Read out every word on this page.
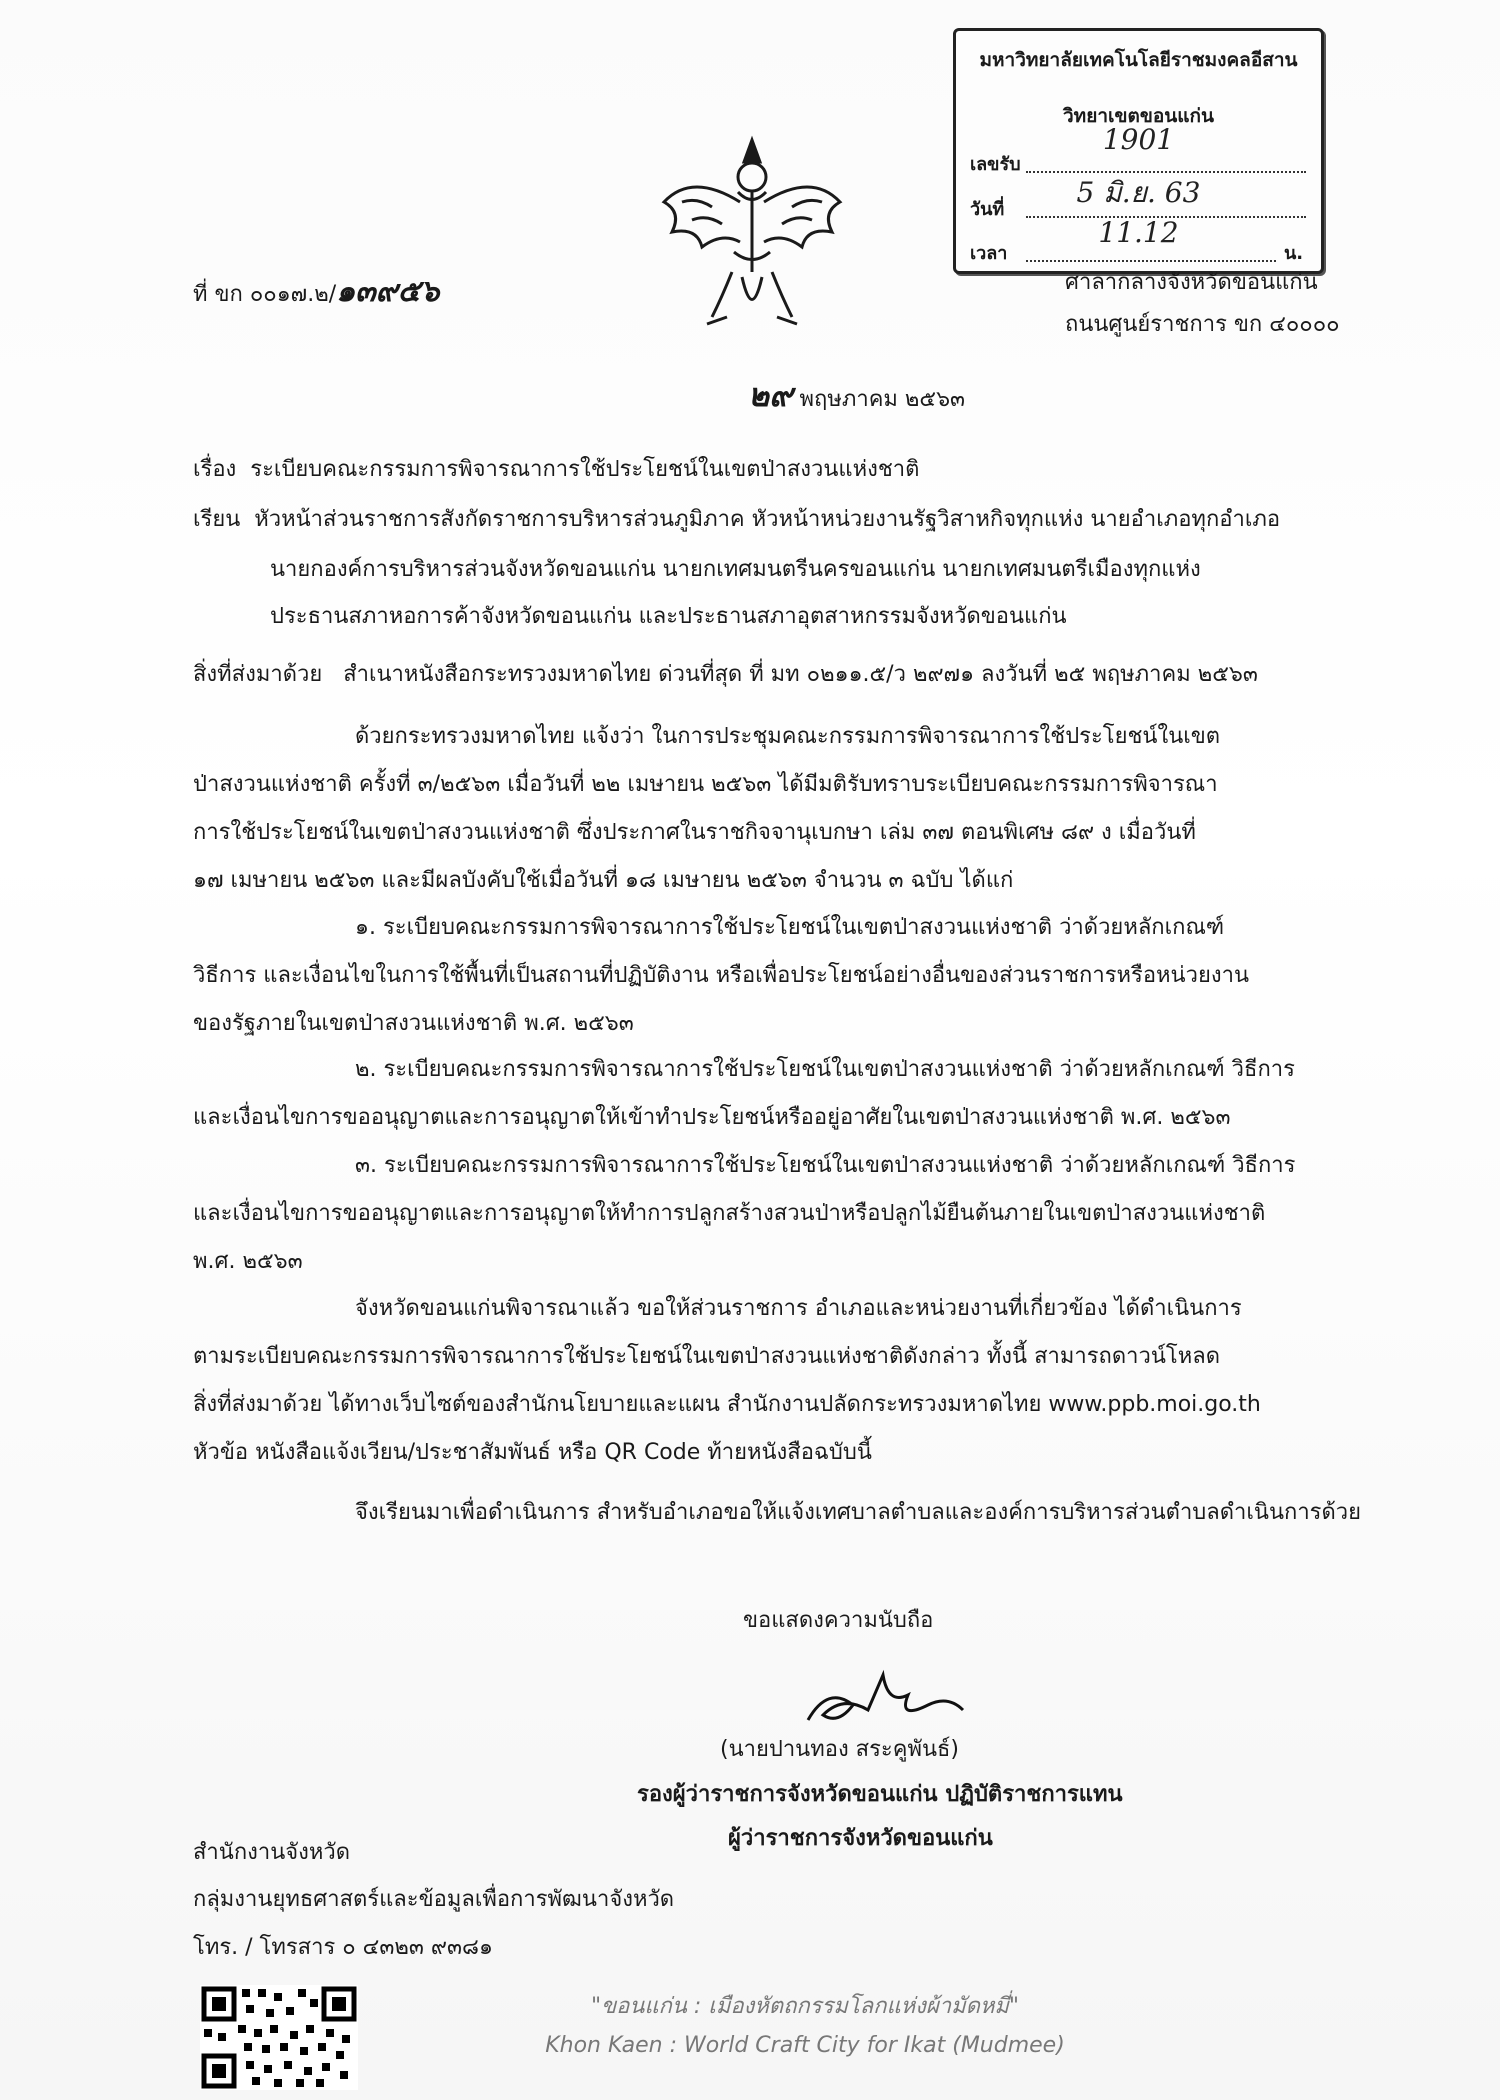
มหาวิทยาลัยเทคโนโลยีราชมงคลอีสาน
วิทยาเขตขอนแก่น
เลขรับ
1901
วันที่
5 มิ.ย. 63
เวลา
11.12
น.
ที่ ขก ๐๐๑๗.๒/๑๓๙๕๖	ศาลากลางจังหวัดขอนแก่น
ถนนศูนย์ราชการ ขก ๔๐๐๐๐
๒๙ พฤษภาคม ๒๕๖๓
เรื่อง ระเบียบคณะกรรมการพิจารณาการใช้ประโยชน์ในเขตป่าสงวนแห่งชาติ
เรียน หัวหน้าส่วนราชการสังกัดราชการบริหารส่วนภูมิภาค หัวหน้าหน่วยงานรัฐวิสาหกิจทุกแห่ง นายอำเภอทุกอำเภอ
นายกองค์การบริหารส่วนจังหวัดขอนแก่น นายกเทศมนตรีนครขอนแก่น นายกเทศมนตรีเมืองทุกแห่ง
ประธานสภาหอการค้าจังหวัดขอนแก่น และประธานสภาอุตสาหกรรมจังหวัดขอนแก่น
สิ่งที่ส่งมาด้วย สำเนาหนังสือกระทรวงมหาดไทย ด่วนที่สุด ที่ มท ๐๒๑๑.๕/ว ๒๙๗๑ ลงวันที่ ๒๕ พฤษภาคม ๒๕๖๓
ด้วยกระทรวงมหาดไทย แจ้งว่า ในการประชุมคณะกรรมการพิจารณาการใช้ประโยชน์ในเขต
ป่าสงวนแห่งชาติ ครั้งที่ ๓/๒๕๖๓ เมื่อวันที่ ๒๒ เมษายน ๒๕๖๓ ได้มีมติรับทราบระเบียบคณะกรรมการพิจารณา
การใช้ประโยชน์ในเขตป่าสงวนแห่งชาติ ซึ่งประกาศในราชกิจจานุเบกษา เล่ม ๓๗ ตอนพิเศษ ๘๙ ง เมื่อวันที่
๑๗ เมษายน ๒๕๖๓ และมีผลบังคับใช้เมื่อวันที่ ๑๘ เมษายน ๒๕๖๓ จำนวน ๓ ฉบับ ได้แก่
๑. ระเบียบคณะกรรมการพิจารณาการใช้ประโยชน์ในเขตป่าสงวนแห่งชาติ ว่าด้วยหลักเกณฑ์
วิธีการ และเงื่อนไขในการใช้พื้นที่เป็นสถานที่ปฏิบัติงาน หรือเพื่อประโยชน์อย่างอื่นของส่วนราชการหรือหน่วยงาน
ของรัฐภายในเขตป่าสงวนแห่งชาติ พ.ศ. ๒๕๖๓
๒. ระเบียบคณะกรรมการพิจารณาการใช้ประโยชน์ในเขตป่าสงวนแห่งชาติ ว่าด้วยหลักเกณฑ์ วิธีการ
และเงื่อนไขการขออนุญาตและการอนุญาตให้เข้าทำประโยชน์หรืออยู่อาศัยในเขตป่าสงวนแห่งชาติ พ.ศ. ๒๕๖๓
๓. ระเบียบคณะกรรมการพิจารณาการใช้ประโยชน์ในเขตป่าสงวนแห่งชาติ ว่าด้วยหลักเกณฑ์ วิธีการ
และเงื่อนไขการขออนุญาตและการอนุญาตให้ทำการปลูกสร้างสวนป่าหรือปลูกไม้ยืนต้นภายในเขตป่าสงวนแห่งชาติ
พ.ศ. ๒๕๖๓
จังหวัดขอนแก่นพิจารณาแล้ว ขอให้ส่วนราชการ อำเภอและหน่วยงานที่เกี่ยวข้อง ได้ดำเนินการ
ตามระเบียบคณะกรรมการพิจารณาการใช้ประโยชน์ในเขตป่าสงวนแห่งชาติดังกล่าว ทั้งนี้ สามารถดาวน์โหลด
สิ่งที่ส่งมาด้วย ได้ทางเว็บไซต์ของสำนักนโยบายและแผน สำนักงานปลัดกระทรวงมหาดไทย www.ppb.moi.go.th
หัวข้อ หนังสือแจ้งเวียน/ประชาสัมพันธ์ หรือ QR Code ท้ายหนังสือฉบับนี้
จึงเรียนมาเพื่อดำเนินการ สำหรับอำเภอขอให้แจ้งเทศบาลตำบลและองค์การบริหารส่วนตำบลดำเนินการด้วย
ขอแสดงความนับถือ
(นายปานทอง สระคูพันธ์)
รองผู้ว่าราชการจังหวัดขอนแก่น ปฏิบัติราชการแทน
ผู้ว่าราชการจังหวัดขอนแก่น
สำนักงานจังหวัด
กลุ่มงานยุทธศาสตร์และข้อมูลเพื่อการพัฒนาจังหวัด
โทร. / โทรสาร ๐ ๔๓๒๓ ๙๓๘๑
"ขอนแก่น : เมืองหัตถกรรมโลกแห่งผ้ามัดหมี่"
Khon Kaen : World Craft City for Ikat (Mudmee)
